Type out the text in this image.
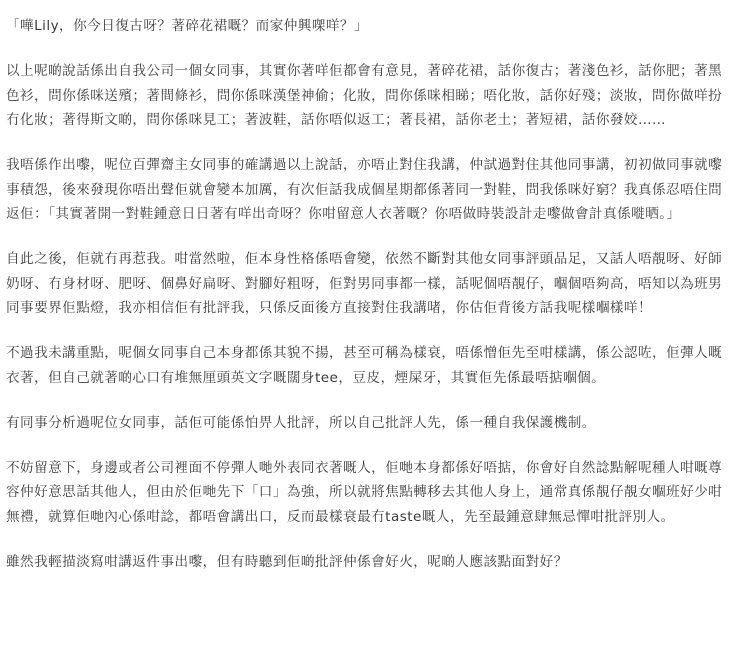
「嘩Lily，你今日復古呀？著碎花裙嘅？而家仲興㗎咩？」

以上呢啲說話係出自我公司一個女同事，其實你著咩佢都會有意見，著碎花裙，話你復古；著淺色衫，話你肥；著黑色衫，問你係咪送殯；著間條衫，問你係咪漢堡神偷；化妝，問你係咪相睇；唔化妝，話你好殘；淡妝，問你做咩扮冇化妝；著得斯文啲，問你係咪見工；著波鞋，話你唔似返工；著長裙，話你老土；著短裙，話你發姣……

我唔係作出嚟，呢位百彈齋主女同事的確講過以上說話，亦唔止對住我講，仲試過對住其他同事講，初初做同事就嚟事積怨，後來發現你唔出聲佢就會變本加厲，有次佢話我成個星期都係著同一對鞋，問我係咪好窮？我真係忍唔住問返佢：「其實著開一對鞋鍾意日日著有咩出奇呀？你咁留意人衣著嘅？你唔做時裝設計走嚟做會計真係嘥晒。」

自此之後，佢就冇再惹我。咁當然啦，佢本身性格係唔會變，依然不斷對其他女同事評頭品足，又話人唔靚呀、好師奶呀、冇身材呀、肥呀、個鼻好扁呀、對腳好粗呀，佢對男同事都一樣，話呢個唔靚仔，嗰個唔夠高，唔知以為班男同事要界佢點燈，我亦相信佢有批評我，只係反面後方直接對住我講啫，你估佢背後方話我呢樣嗰樣咩！

不過我未講重點，呢個女同事自己本身都係其貌不揚，甚至可稱為樣衰，唔係憎佢先至咁樣講，係公認咗，佢彈人嘅衣著，但自己就著啲心口有堆無厘頭英文字嘅闊身tee，豆皮，煙屎牙，其實佢先係最唔掂嗰個。

有同事分析過呢位女同事，話佢可能係怕畀人批評，所以自己批評人先，係一種自我保護機制。

不妨留意下，身邊或者公司裡面不停彈人哋外表同衣著嘅人，佢哋本身都係好唔掂，你會好自然諗點解呢種人咁嘅尊容仲好意思話其他人，但由於佢哋先下「口」為強，所以就將焦點轉移去其他人身上，通常真係靚仔靚女嗰班好少咁無禮，就算佢哋內心係咁諗，都唔會講出口，反而最樣衰最冇taste嘅人，先至最鍾意肆無忌憚咁批評別人。

雖然我輕描淡寫咁講返件事出嚟，但有時聽到佢啲批評仲係會好火，呢啲人應該點面對好？
